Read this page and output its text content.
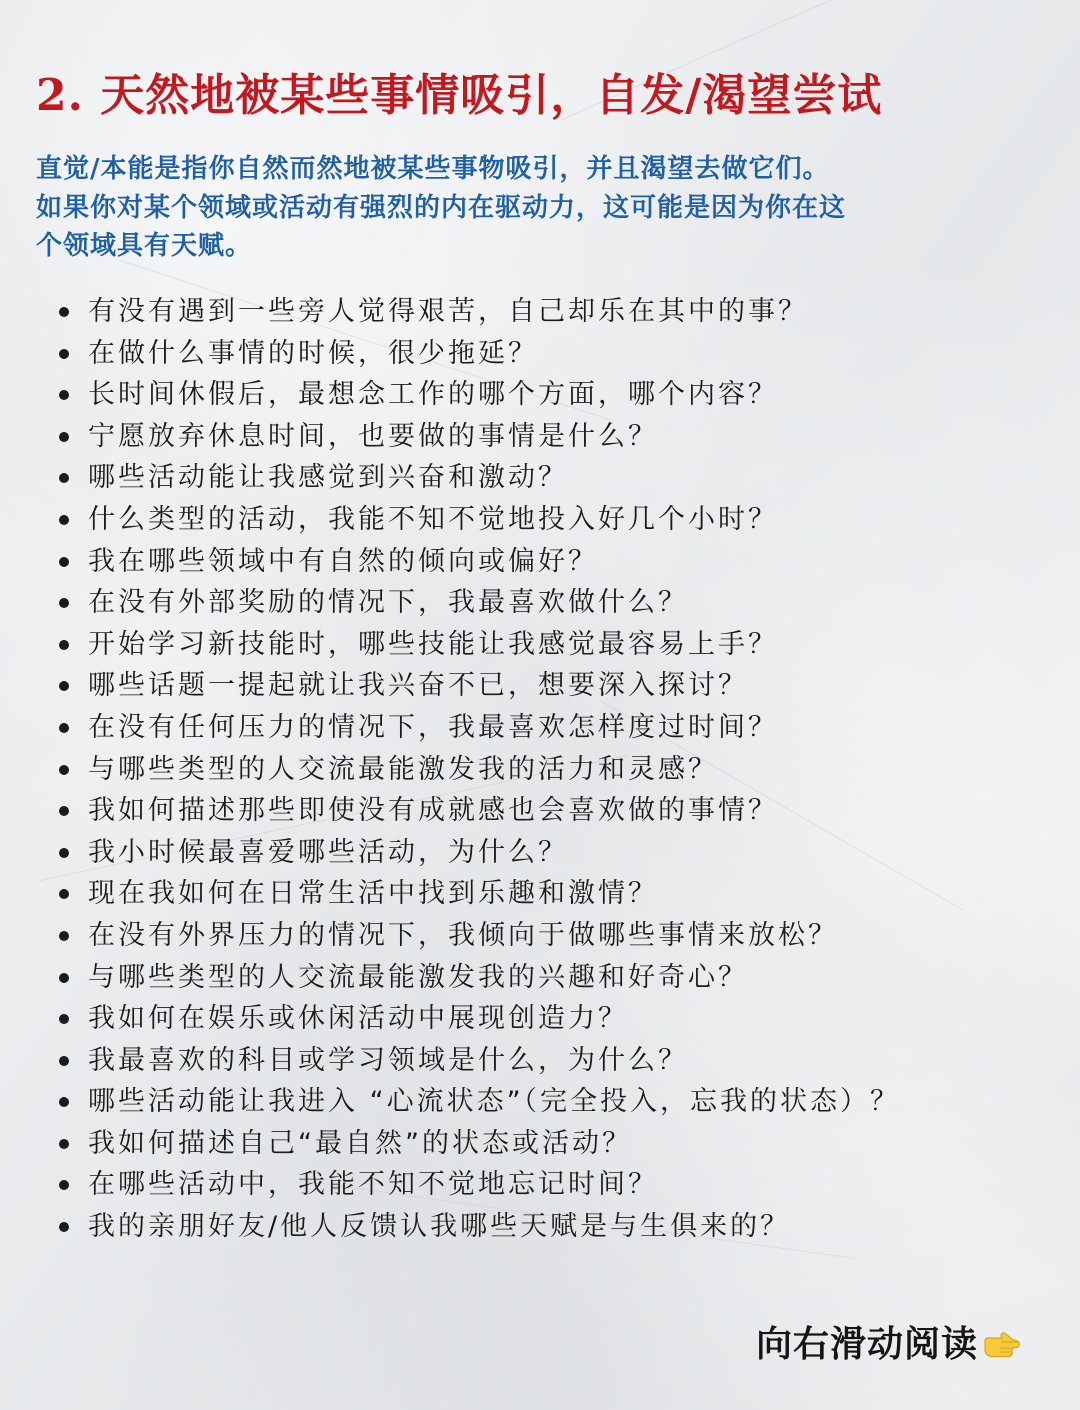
2. 天然地被某些事情吸引，自发/渴望尝试
直觉/本能是指你自然而然地被某些事物吸引，并且渴望去做它们。
如果你对某个领域或活动有强烈的内在驱动力，这可能是因为你在这
个领域具有天赋。
有没有遇到一些旁人觉得艰苦，自己却乐在其中的事？
在做什么事情的时候，很少拖延？
长时间休假后，最想念工作的哪个方面，哪个内容？
宁愿放弃休息时间，也要做的事情是什么？
哪些活动能让我感觉到兴奋和激动？
什么类型的活动，我能不知不觉地投入好几个小时？
我在哪些领域中有自然的倾向或偏好？
在没有外部奖励的情况下，我最喜欢做什么？
开始学习新技能时，哪些技能让我感觉最容易上手？
哪些话题一提起就让我兴奋不已，想要深入探讨？
在没有任何压力的情况下，我最喜欢怎样度过时间？
与哪些类型的人交流最能激发我的活力和灵感？
我如何描述那些即使没有成就感也会喜欢做的事情？
我小时候最喜爱哪些活动，为什么？
现在我如何在日常生活中找到乐趣和激情？
在没有外界压力的情况下，我倾向于做哪些事情来放松？
与哪些类型的人交流最能激发我的兴趣和好奇心？
我如何在娱乐或休闲活动中展现创造力？
我最喜欢的科目或学习领域是什么，为什么？
哪些活动能让我进入 “心流状态”（完全投入，忘我的状态）？
我如何描述自己“最自然”的状态或活动？
在哪些活动中，我能不知不觉地忘记时间？
我的亲朋好友/他人反馈认我哪些天赋是与生俱来的？
向右滑动阅读
